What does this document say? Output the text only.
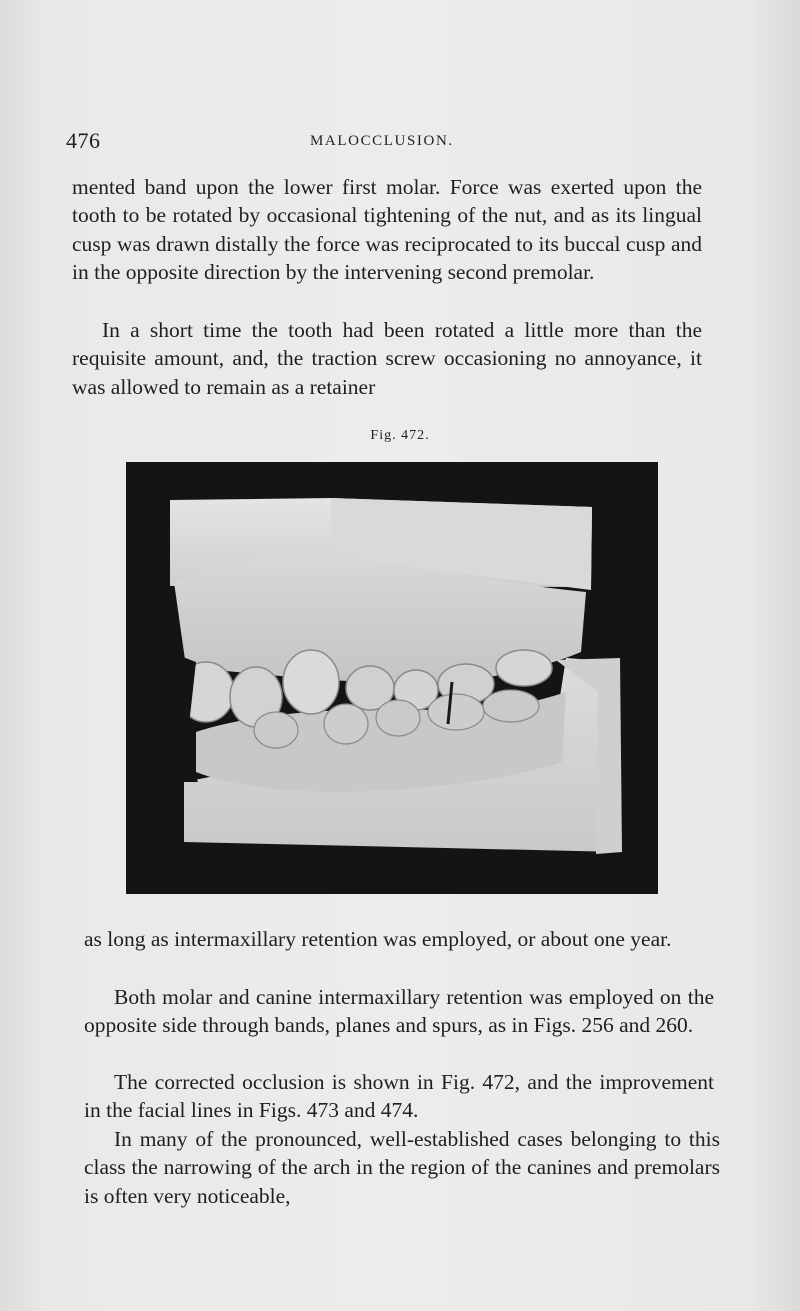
476	MALOCCLUSION.

mented band upon the lower first molar. Force was exerted upon the tooth to be rotated by occasional tightening of the nut, and as its lingual cusp was drawn distally the force was reciprocated to its buccal cusp and in the opposite direction by the intervening second premolar.

In a short time the tooth had been rotated a little more than the requisite amount, and, the traction screw occasioning no annoyance, it was allowed to remain as a retainer

Fig. 472.

as long as intermaxillary retention was employed, or about one year.

Both molar and canine intermaxillary retention was employed on the opposite side through bands, planes and spurs, as in Figs. 256 and 260.

The corrected occlusion is shown in Fig. 472, and the improvement in the facial lines in Figs. 473 and 474.

In many of the pronounced, well-established cases belonging to this class the narrowing of the arch in the region of the canines and premolars is often very noticeable,
